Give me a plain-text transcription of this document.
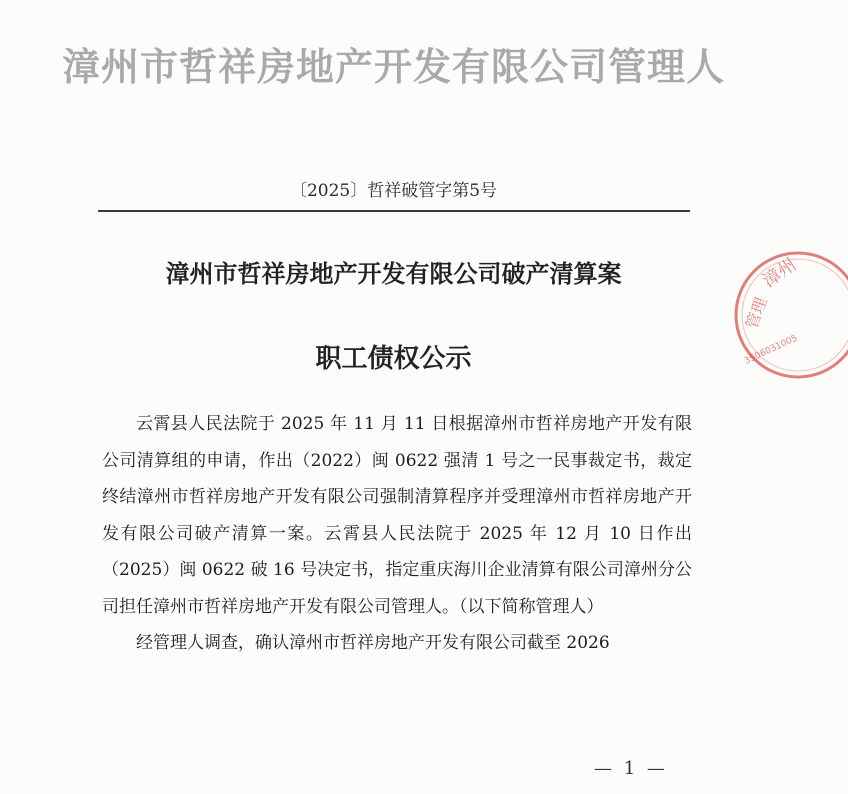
漳州市哲祥房地产开发有限公司管理人
〔2025〕哲祥破管字第5号
漳州市哲祥房地产开发有限公司破产清算案
职工债权公示

云霄县人民法院于 2025 年 11 月 11 日根据漳州市哲祥房地产开发有限公司清算组的申请，作出（2022）闽 0622 强清 1 号之一民事裁定书，裁定终结漳州市哲祥房地产开发有限公司强制清算程序并受理漳州市哲祥房地产开发有限公司破产清算一案。云霄县人民法院于 2025 年 12 月 10 日作出（2025）闽 0622 破 16 号决定书，指定重庆海川企业清算有限公司漳州分公司担任漳州市哲祥房地产开发有限公司管理人。（以下简称管理人）

经管理人调查，确认漳州市哲祥房地产开发有限公司截至 2026

— 1 —
漳州
管理
3506031005
